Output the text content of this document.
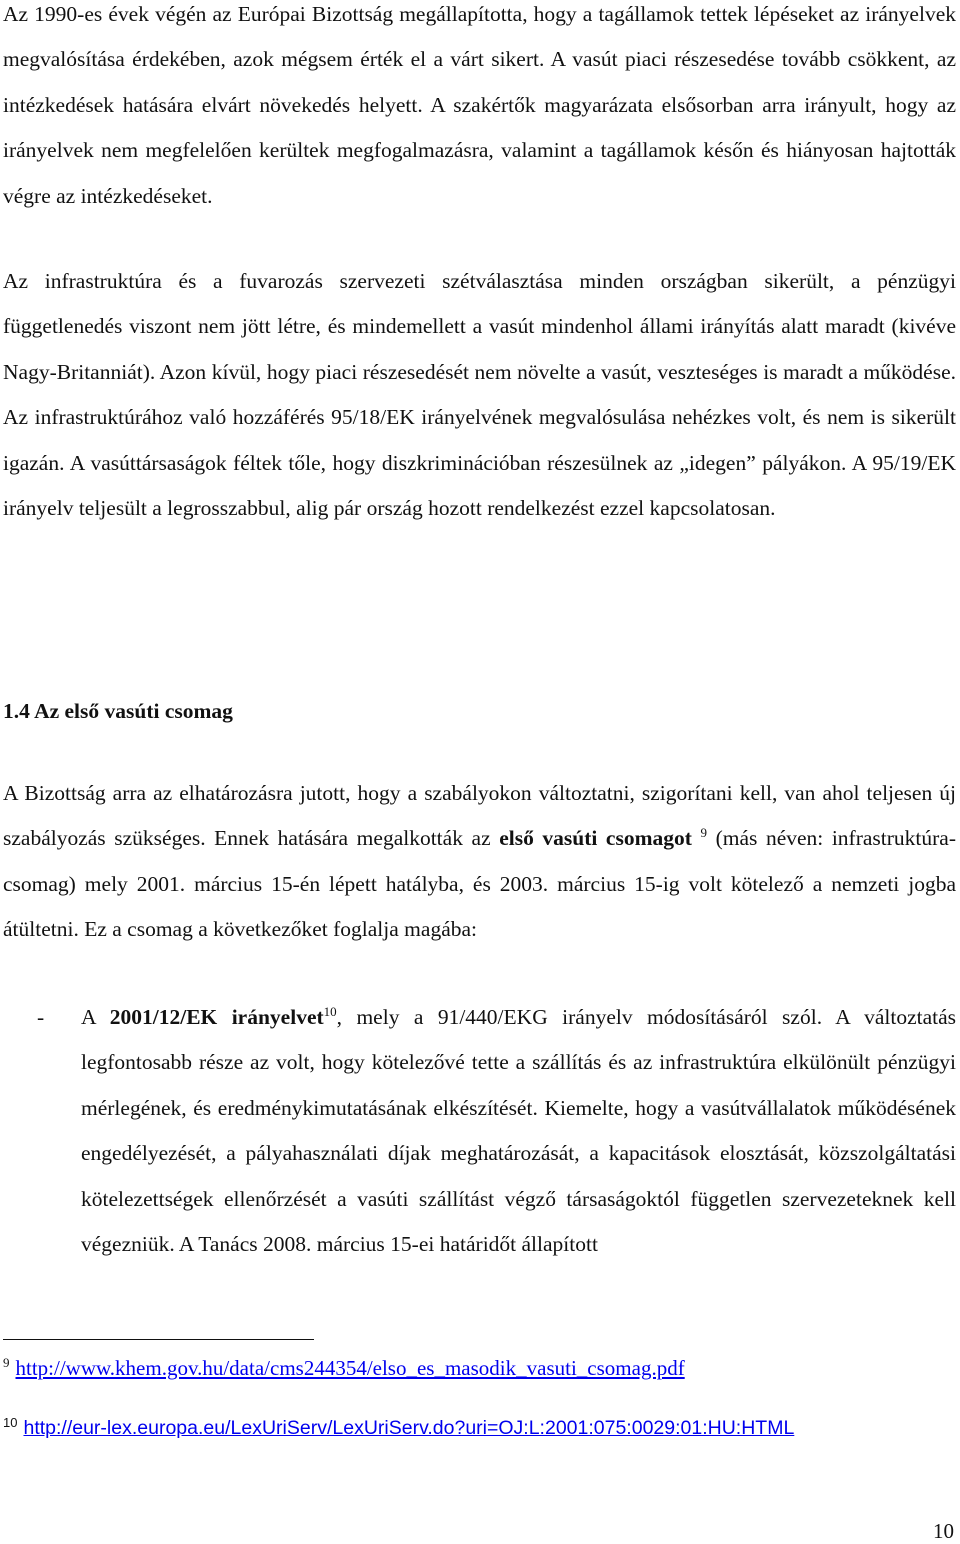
Az 1990-es évek végén az Európai Bizottság megállapította, hogy a tagállamok tettek lépéseket az irányelvek megvalósítása érdekében, azok mégsem érték el a várt sikert. A vasút piaci részesedése tovább csökkent, az intézkedések hatására elvárt növekedés helyett. A szakértők magyarázata elsősorban arra irányult, hogy az irányelvek nem megfelelően kerültek megfogalmazásra, valamint a tagállamok későn és hiányosan hajtották végre az intézkedéseket.

Az infrastruktúra és a fuvarozás szervezeti szétválasztása minden országban sikerült, a pénzügyi függetlenedés viszont nem jött létre, és mindemellett a vasút mindenhol állami irányítás alatt maradt (kivéve Nagy-Britanniát). Azon kívül, hogy piaci részesedését nem növelte a vasút, veszteséges is maradt a működése. Az infrastruktúrához való hozzáférés 95/18/EK irányelvének megvalósulása nehézkes volt, és nem is sikerült igazán. A vasúttársaságok féltek tőle, hogy diszkriminációban részesülnek az „idegen” pályákon. A 95/19/EK irányelv teljesült a legrosszabbul, alig pár ország hozott rendelkezést ezzel kapcsolatosan.

1.4 Az első vasúti csomag

A Bizottság arra az elhatározásra jutott, hogy a szabályokon változtatni, szigorítani kell, van ahol teljesen új szabályozás szükséges. Ennek hatására megalkották az első vasúti csomagot $^9$ (más néven: infrastruktúra-csomag) mely 2001. március 15-én lépett hatályba, és 2003. március 15-ig volt kötelező a nemzeti jogba átültetni. Ez a csomag a következőket foglalja magába:

- A 2001/12/EK irányelvet$^{10}$, mely a 91/440/EKG irányelv módosításáról szól. A változtatás legfontosabb része az volt, hogy kötelezővé tette a szállítás és az infrastruktúra elkülönült pénzügyi mérlegének, és eredménykimutatásának elkészítését. Kiemelte, hogy a vasútvállalatok működésének engedélyezését, a pályahasználati díjak meghatározását, a kapacitások elosztását, közszolgáltatási kötelezettségek ellenőrzését a vasúti szállítást végző társaságoktól független szervezeteknek kell végezniük. A Tanács 2008. március 15-ei határidőt állapított

$^9$ http://www.khem.gov.hu/data/cms244354/elso_es_masodik_vasuti_csomag.pdf

$^{10}$ http://eur-lex.europa.eu/LexUriServ/LexUriServ.do?uri=OJ:L:2001:075:0029:01:HU:HTML

10
